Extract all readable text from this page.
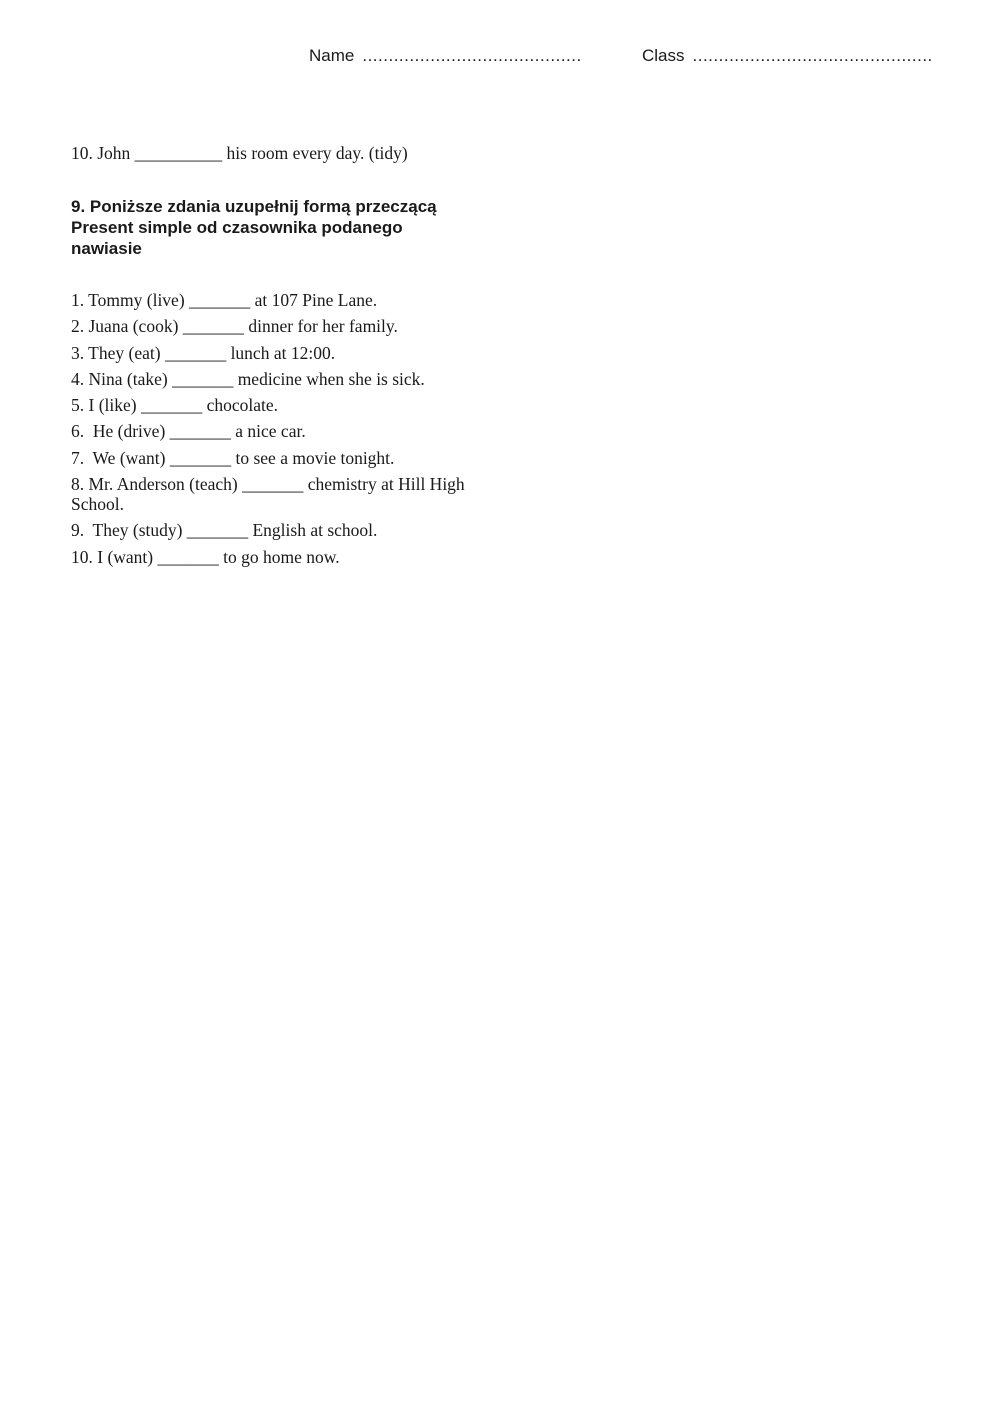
Name ..........................................	Class ..............................................
10. John __________ his room every day. (tidy)
9. Poniższe zdania uzupełnij formą przeczącą
Present simple od czasownika podanego
nawiasie
1. Tommy (live) _______ at 107 Pine Lane.
2. Juana (cook) _______ dinner for her family.
3. They (eat) _______ lunch at 12:00.
4. Nina (take) _______ medicine when she is sick.
5. I (like) _______ chocolate.
6.  He (drive) _______ a nice car.
7.  We (want) _______ to see a movie tonight.
8. Mr. Anderson (teach) _______ chemistry at Hill High School.
9.  They (study) _______ English at school.
10. I (want) _______ to go home now.
